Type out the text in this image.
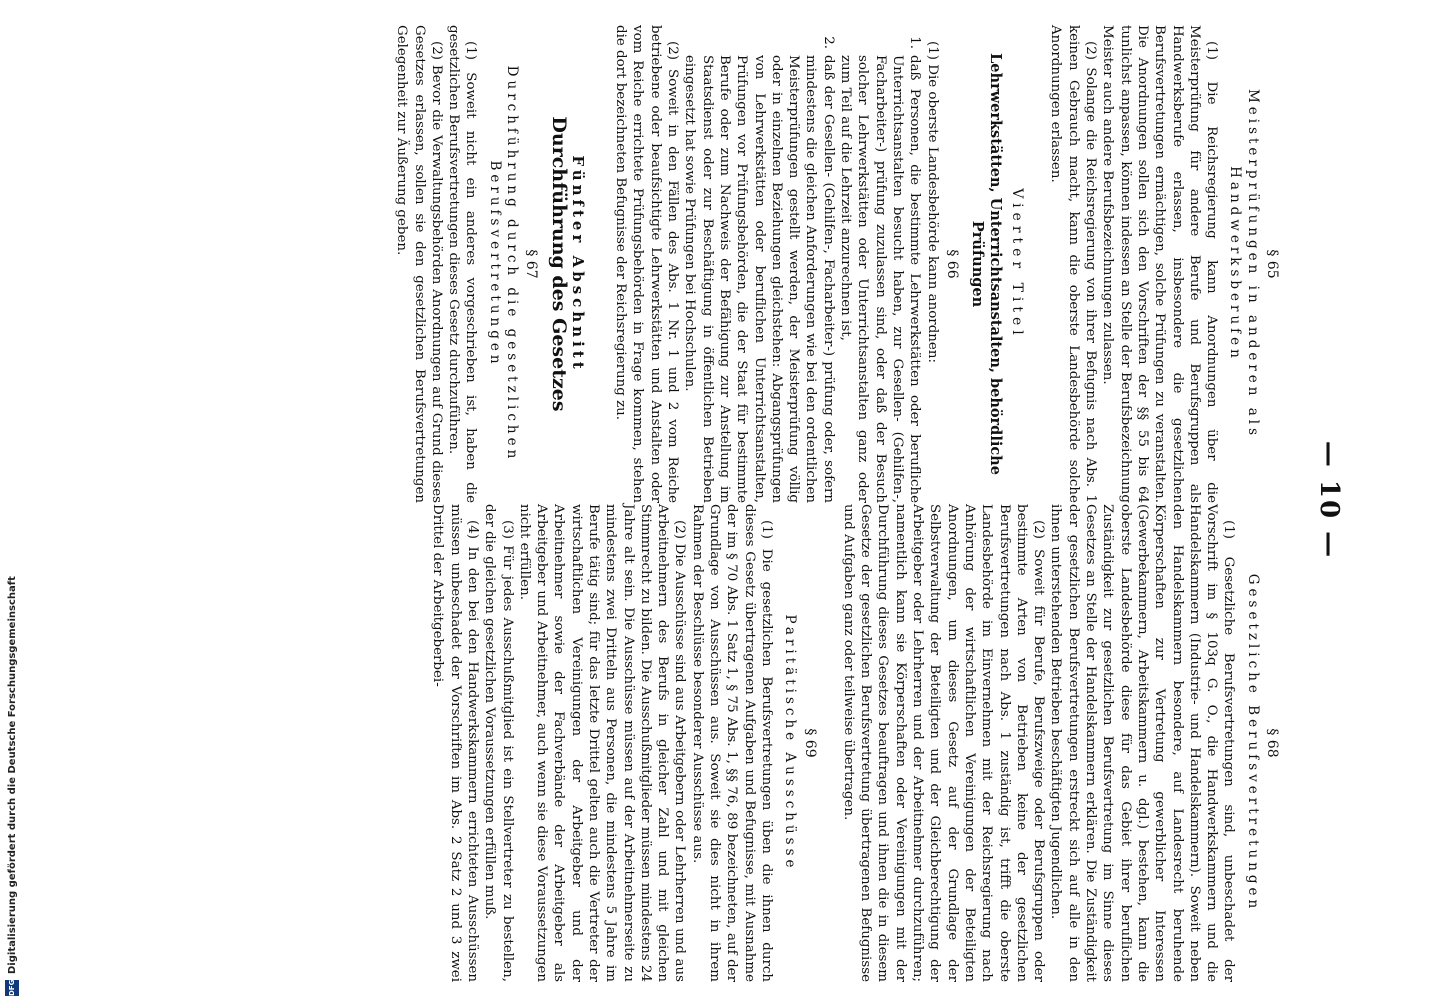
— 10 —
§ 65
Meisterprüfungen in anderen als Handwerksberufen

(1) Die Reichsregierung kann Anordnungen über die Meisterprüfung für andere Berufe und Berufsgruppen als Handwerksberufe erlassen, insbesondere die gesetzlichen Berufsvertretungen ermächtigen, solche Prüfungen zu veranstalten. Die Anordnungen sollen sich den Vorschriften der §§ 55 bis 64 tunlichst anpassen, können indessen an Stelle der Berufsbezeichnung Meister auch andere Berufsbezeichnungen zulassen.

(2) Solange die Reichsregierung von ihrer Befugnis nach Abs. 1 keinen Gebrauch macht, kann die oberste Landesbehörde solche Anordnungen erlassen.

Vierter Titel
Lehrwerkstätten, Unterrichtsanstalten, behördliche Prüfungen
§ 66

(1) Die oberste Landesbehörde kann anordnen:

1.
daß Personen, die bestimmte Lehrwerkstätten oder berufliche Unterrichtsanstalten besucht haben, zur Gesellen- (Gehilfen-, Facharbeiter-) prüfung zuzulassen sind, oder daß der Besuch solcher Lehrwerkstätten oder Unterrichtsanstalten ganz oder zum Teil auf die Lehrzeit anzurechnen ist,
2.
daß der Gesellen- (Gehilfen-, Facharbeiter-) prüfung oder, sofern mindestens die gleichen Anforderungen wie bei den ordentlichen Meisterprüfungen gestellt werden, der Meisterprüfung völlig oder in einzelnen Beziehungen gleichstehen: Abgangsprüfungen von Lehrwerkstätten oder beruflichen Unterrichtsanstalten, Prüfungen vor Prüfungsbehörden, die der Staat für bestimmte Berufe oder zum Nachweis der Befähigung zur Anstellung im Staatsdienst oder zur Beschäftigung in öffentlichen Betrieben eingesetzt hat sowie Prüfungen bei Hochschulen.

(2) Soweit in den Fällen des Abs. 1 Nr. 1 und 2 vom Reiche betriebene oder beaufsichtigte Lehrwerkstätten und Anstalten oder vom Reiche errichtete Prüfungsbehörden in Frage kommen, stehen die dort bezeichneten Befugnisse der Reichsregierung zu.

Fünfter Abschnitt
Durchführung des Gesetzes
§ 67
Durchführung durch die gesetzlichen Berufsvertretungen

(1) Soweit nicht ein anderes vorgeschrieben ist, haben die gesetzlichen Berufsvertretungen dieses Gesetz durchzuführen.

(2) Bevor die Verwaltungsbehörden Anordnungen auf Grund dieses Gesetzes erlassen, sollen sie den gesetzlichen Berufsvertretungen Gelegenheit zur Äußerung geben.

§ 68
Gesetzliche Berufsvertretungen

(1) Gesetzliche Berufsvertretungen sind, unbeschadet der Vorschrift im § 103q G. O., die Handwerkskammern und die Handelskammern (Industrie- und Handelskammern). Soweit neben den Handelskammern besondere, auf Landesrecht beruhende Körperschaften zur Vertretung gewerblicher Interessen (Gewerbekammern, Arbeitskammern u. dgl.) bestehen, kann die oberste Landesbehörde diese für das Gebiet ihrer beruflichen Zuständigkeit zur gesetzlichen Berufsvertretung im Sinne dieses Gesetzes an Stelle der Handelskammern erklären. Die Zuständigkeit der gesetzlichen Berufsvertretungen erstreckt sich auf alle in den ihnen unterstehenden Betrieben beschäftigten Jugendlichen.

(2) Soweit für Berufe, Berufszweige oder Berufsgruppen oder bestimmte Arten von Betrieben keine der gesetzlichen Berufsvertretungen nach Abs. 1 zuständig ist, trifft die oberste Landesbehörde im Einvernehmen mit der Reichsregierung nach Anhörung der wirtschaftlichen Vereinigungen der Beteiligten Anordnungen, um dieses Gesetz auf der Grundlage der Selbstverwaltung der Beteiligten und der Gleichberechtigung der Arbeitgeber oder Lehrherren und der Arbeitnehmer durchzuführen; namentlich kann sie Körperschaften oder Vereinigungen mit der Durchführung dieses Gesetzes beauftragen und ihnen die in diesem Gesetze der gesetzlichen Berufsvertretung übertragenen Befugnisse und Aufgaben ganz oder teilweise übertragen.

§ 69
Paritätische Ausschüsse

(1) Die gesetzlichen Berufsvertretungen üben die ihnen durch dieses Gesetz übertragenen Aufgaben und Befugnisse, mit Ausnahme der im § 70 Abs. 1 Satz 1, § 75 Abs. 1, §§ 76, 89 bezeichneten, auf der Grundlage von Ausschüssen aus. Soweit sie dies nicht in ihrem Rahmen der Beschlüsse besonderer Ausschüsse aus.

(2) Die Ausschüsse sind aus Arbeitgebern oder Lehrherren und aus Arbeitnehmern des Berufs in gleicher Zahl und mit gleichen Stimmrecht zu bilden. Die Ausschußmitglieder müssen mindestens 24 Jahre alt sein. Die Ausschüsse müssen auf der Arbeitnehmerseite zu mindestens zwei Dritteln aus Personen, die mindestens 5 Jahre im Berufe tätig sind; für das letzte Drittel gelten auch die Vertreter der wirtschaftlichen Vereinigungen der Arbeitgeber und der Arbeitnehmer sowie der Fachverbände der Arbeitgeber als Arbeitgeber und Arbeitnehmer, auch wenn sie diese Voraussetzungen nicht erfüllen.

(3) Für jedes Ausschußmitglied ist ein Stellvertreter zu bestellen, der die gleichen gesetzlichen Voraussetzungen erfüllen muß.

(4) In den bei den Handwerkskammern errichteten Ausschüssen müssen unbeschadet der Vorschriften im Abs. 2 Satz 2 und 3 zwei Drittel der Arbeitgeberbei-

DFG
Digitalisierung gefördert durch die Deutsche Forschungsgemeinschaft
